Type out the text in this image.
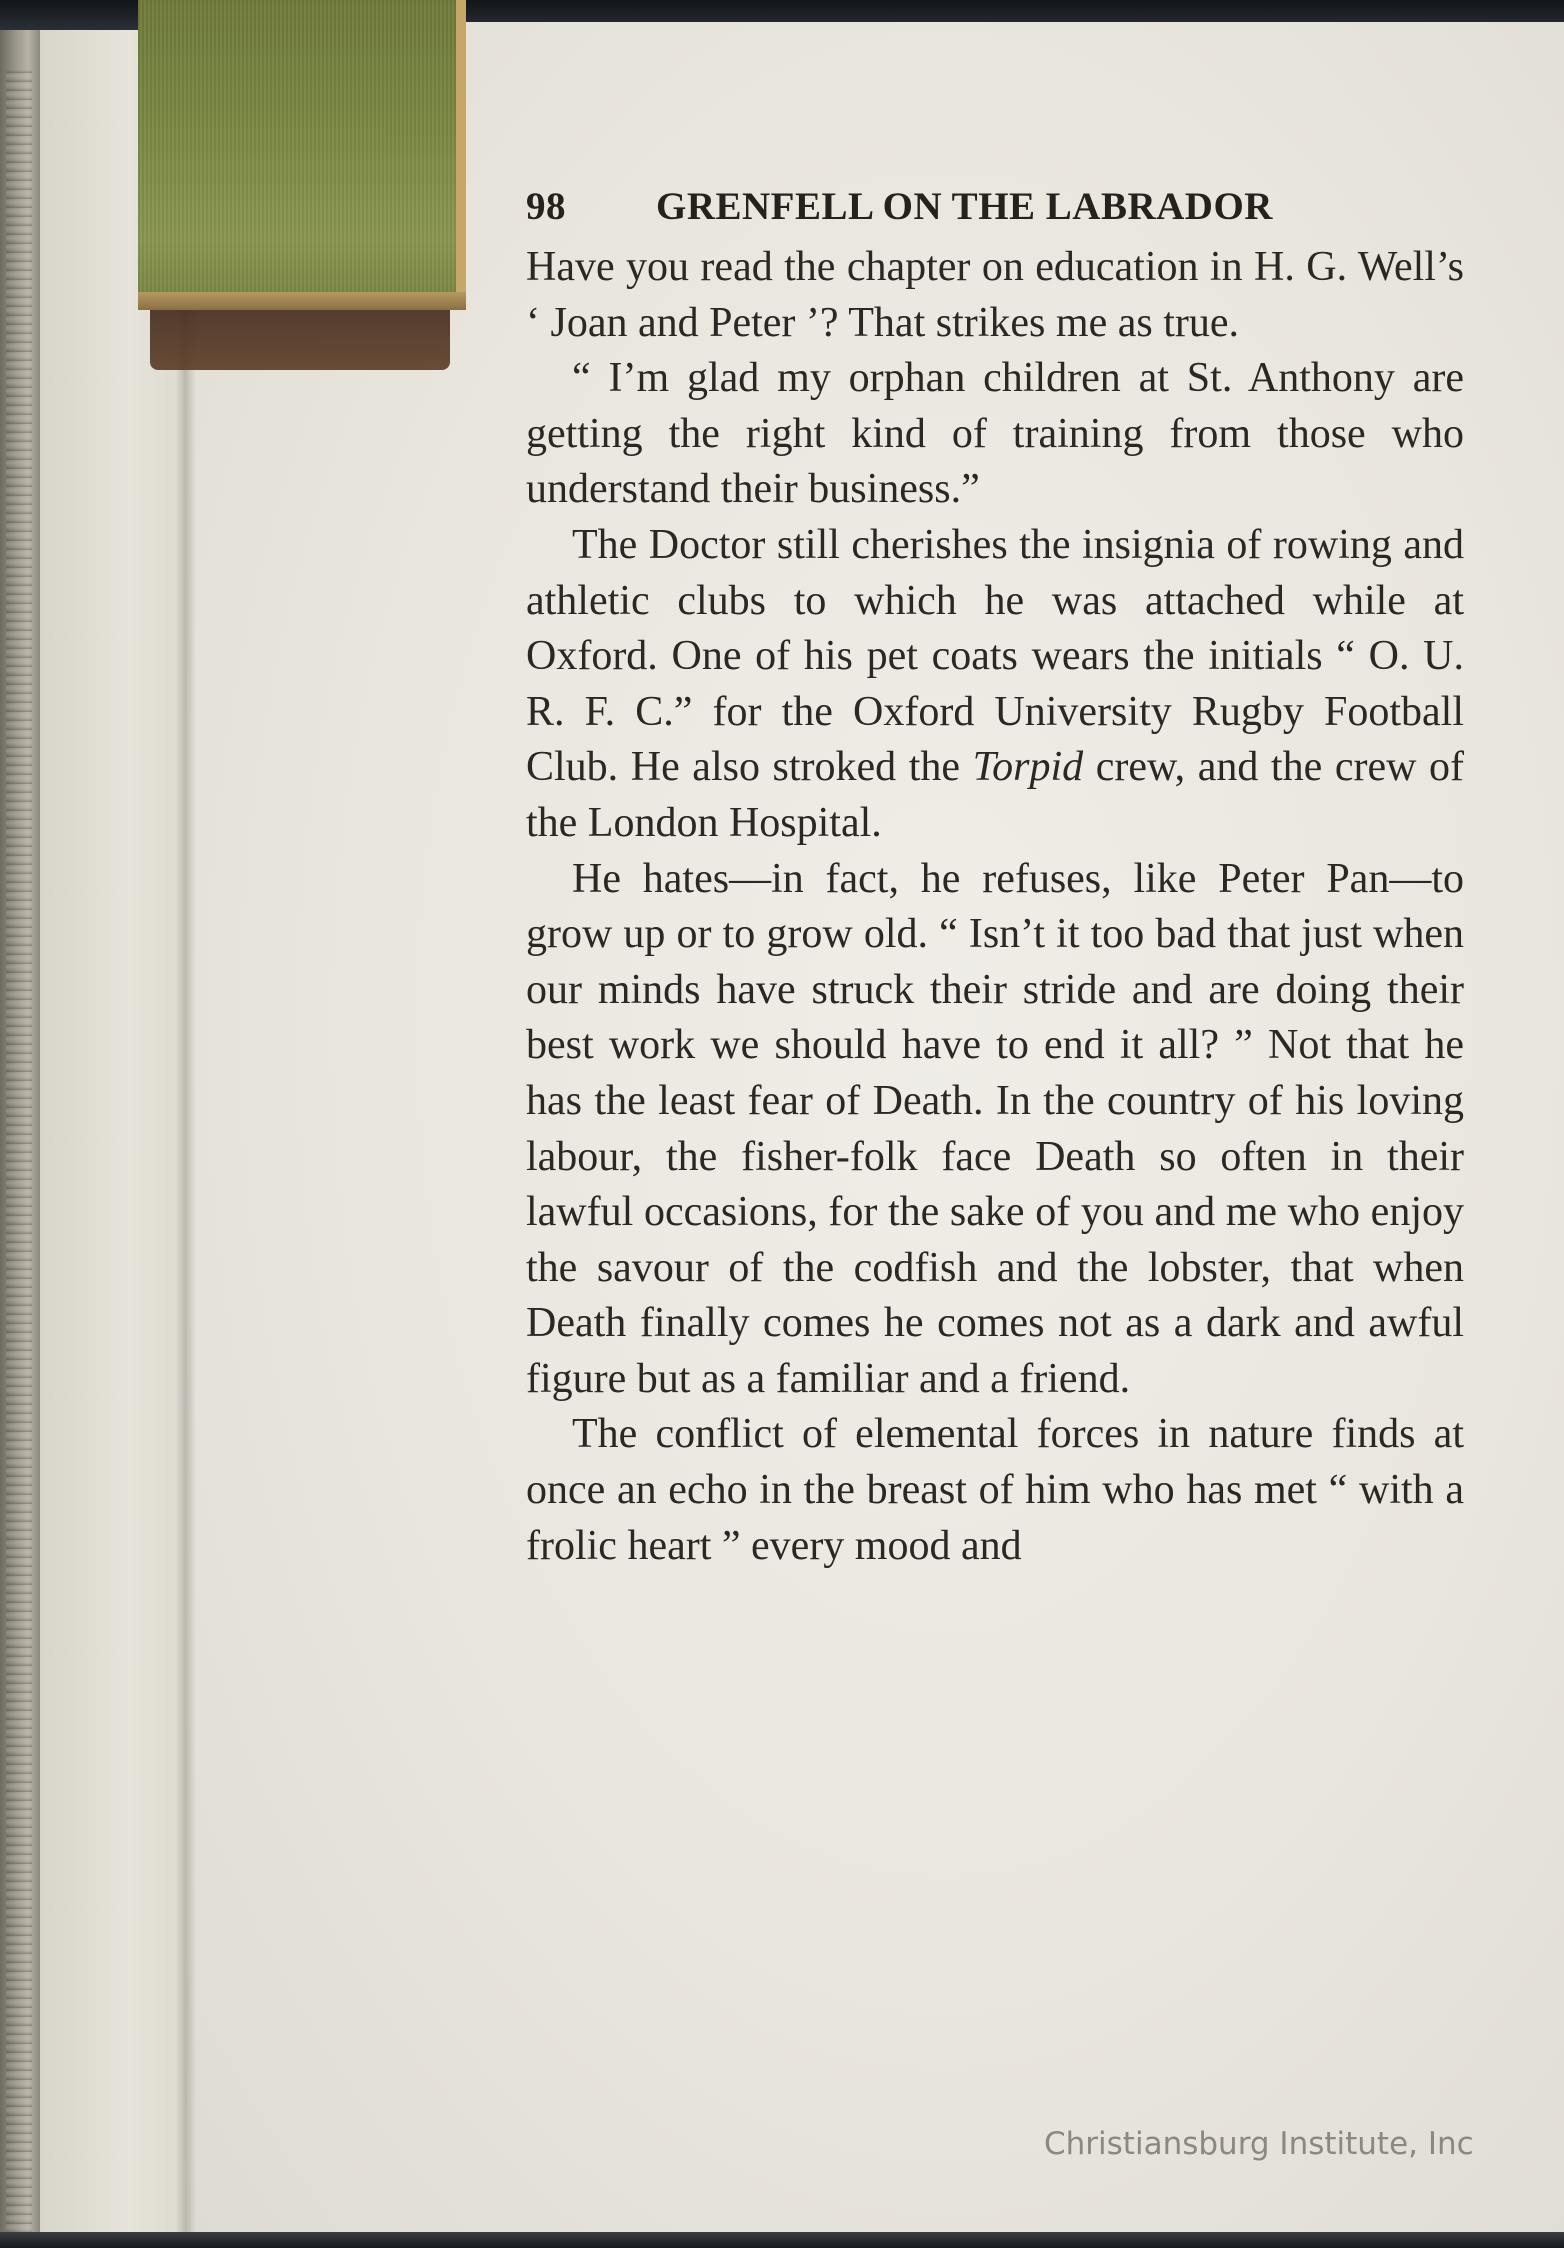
98	GRENFELL ON THE LABRADOR

Have you read the chapter on education in H. G. Well’s ‘ Joan and Peter ’? That strikes me as true.

“ I’m glad my orphan children at St. Anthony are getting the right kind of training from those who understand their business.”

The Doctor still cherishes the insignia of rowing and athletic clubs to which he was attached while at Oxford. One of his pet coats wears the initials “ O. U. R. F. C.” for the Oxford University Rugby Football Club. He also stroked the Torpid crew, and the crew of the London Hospital.

He hates—in fact, he refuses, like Peter Pan—to grow up or to grow old. “ Isn’t it too bad that just when our minds have struck their stride and are doing their best work we should have to end it all? ” Not that he has the least fear of Death. In the country of his loving labour, the fisher-folk face Death so often in their lawful occasions, for the sake of you and me who enjoy the savour of the codfish and the lobster, that when Death finally comes he comes not as a dark and awful figure but as a familiar and a friend.

The conflict of elemental forces in nature finds at once an echo in the breast of him who has met “ with a frolic heart ” every mood and

Christiansburg Institute, Inc
